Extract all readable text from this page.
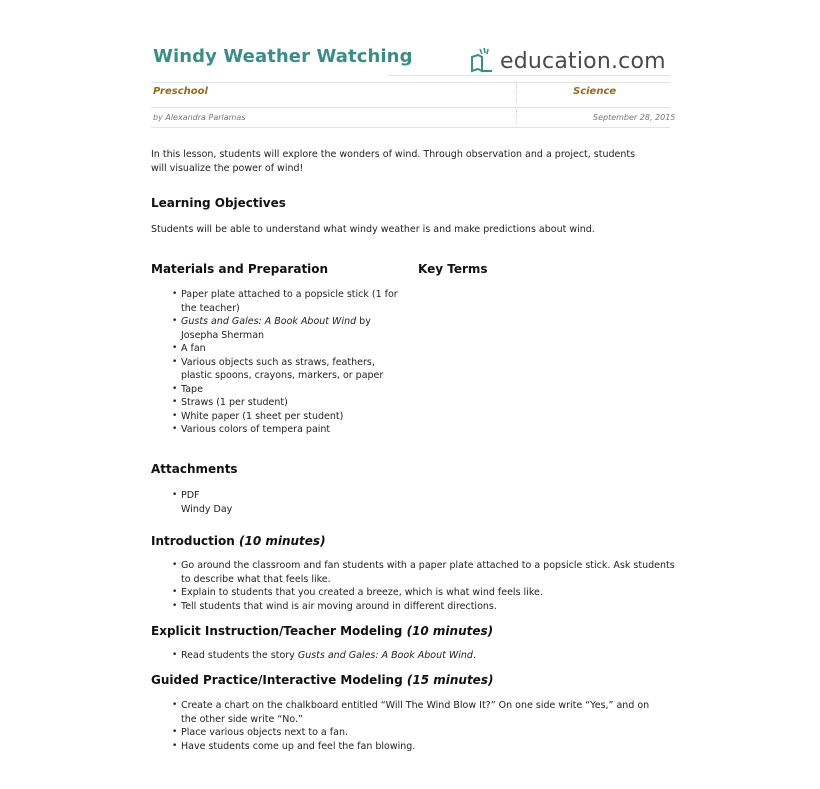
Windy Weather Watching	education.com
Preschool	Science
by Alexandra Parlamas	September 28, 2015
In this lesson, students will explore the wonders of wind. Through observation and a project, students will visualize the power of wind!
Learning Objectives
Students will be able to understand what windy weather is and make predictions about wind.
Materials and Preparation	Key Terms
• Paper plate attached to a popsicle stick (1 for the teacher)
• Gusts and Gales: A Book About Wind by Josepha Sherman
• A fan
• Various objects such as straws, feathers, plastic spoons, crayons, markers, or paper
• Tape
• Straws (1 per student)
• White paper (1 sheet per student)
• Various colors of tempera paint
Attachments
• PDF
Windy Day
Introduction (10 minutes)
• Go around the classroom and fan students with a paper plate attached to a popsicle stick. Ask students to describe what that feels like.
• Explain to students that you created a breeze, which is what wind feels like.
• Tell students that wind is air moving around in different directions.
Explicit Instruction/Teacher Modeling (10 minutes)
• Read students the story Gusts and Gales: A Book About Wind.
Guided Practice/Interactive Modeling (15 minutes)
• Create a chart on the chalkboard entitled “Will The Wind Blow It?” On one side write “Yes,” and on the other side write “No.”
• Place various objects next to a fan.
• Have students come up and feel the fan blowing.
